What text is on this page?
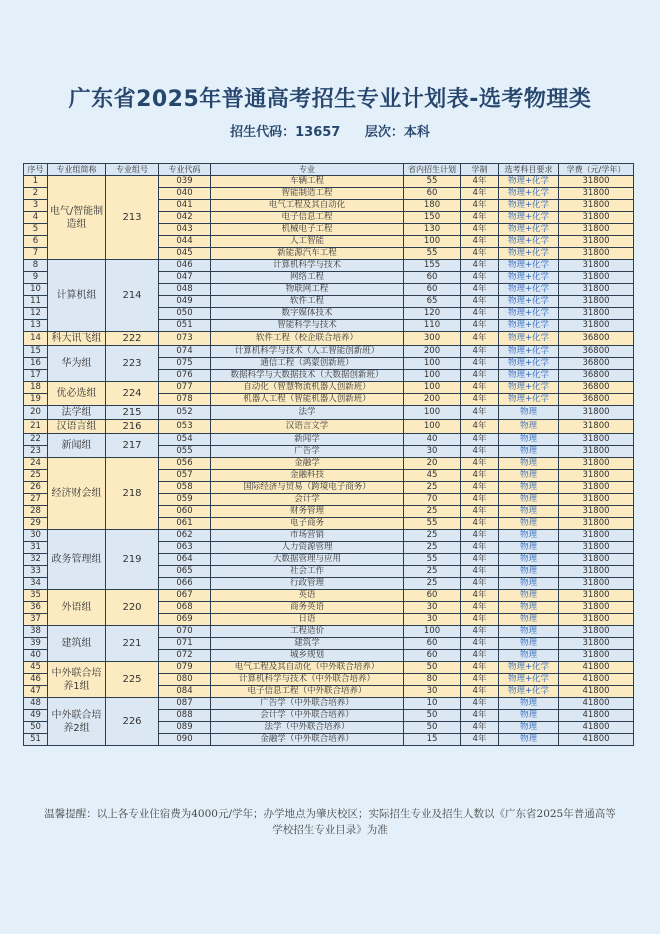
广东省2025年普通高考招生专业计划表-选考物理类
招生代码：13657 层次：本科
序号	专业组简称	专业组号	专业代码	专业	省内招生计划	学制	选考科目要求	学费（元/学年）
1	电气/智能制造组	213	039	车辆工程	55	4年	物理+化学	31800
2			040	智能制造工程	60	4年	物理+化学	31800
3			041	电气工程及其自动化	180	4年	物理+化学	31800
4			042	电子信息工程	150	4年	物理+化学	31800
5			043	机械电子工程	130	4年	物理+化学	31800
6			044	人工智能	100	4年	物理+化学	31800
7			045	新能源汽车工程	55	4年	物理+化学	31800
8	计算机组	214	046	计算机科学与技术	155	4年	物理+化学	31800
9			047	网络工程	60	4年	物理+化学	31800
10			048	物联网工程	60	4年	物理+化学	31800
11			049	软件工程	65	4年	物理+化学	31800
12			050	数字媒体技术	120	4年	物理+化学	31800
13			051	智能科学与技术	110	4年	物理+化学	31800
14	科大讯飞组	222	073	软件工程（校企联合培养）	300	4年	物理+化学	36800
15	华为组	223	074	计算机科学与技术（人工智能创新班）	200	4年	物理+化学	36800
16			075	通信工程（鸿蒙创新班）	100	4年	物理+化学	36800
17			076	数据科学与大数据技术（大数据创新班）	100	4年	物理+化学	36800
18	优必选组	224	077	自动化（智慧物流机器人创新班）	100	4年	物理+化学	36800
19			078	机器人工程（智能机器人创新班）	200	4年	物理+化学	36800
20	法学组	215	052	法学	100	4年	物理	31800
21	汉语言组	216	053	汉语言文学	100	4年	物理	31800
22	新闻组	217	054	新闻学	40	4年	物理	31800
23			055	广告学	30	4年	物理	31800
24	经济财会组	218	056	金融学	20	4年	物理	31800
25			057	金融科技	45	4年	物理	31800
26			058	国际经济与贸易（跨境电子商务）	25	4年	物理	31800
27			059	会计学	70	4年	物理	31800
28			060	财务管理	25	4年	物理	31800
29			061	电子商务	55	4年	物理	31800
30	政务管理组	219	062	市场营销	25	4年	物理	31800
31			063	人力资源管理	25	4年	物理	31800
32			064	大数据管理与应用	55	4年	物理	31800
33			065	社会工作	25	4年	物理	31800
34			066	行政管理	25	4年	物理	31800
35	外语组	220	067	英语	60	4年	物理	31800
36			068	商务英语	30	4年	物理	31800
37			069	日语	30	4年	物理	31800
38	建筑组	221	070	工程造价	100	4年	物理	31800
39			071	建筑学	60	4年	物理	31800
40			072	城乡规划	60	4年	物理	31800
45	中外联合培养1组	225	079	电气工程及其自动化（中外联合培养）	50	4年	物理+化学	41800
46			080	计算机科学与技术（中外联合培养）	80	4年	物理+化学	41800
47			084	电子信息工程（中外联合培养）	30	4年	物理+化学	41800
48	中外联合培养2组	226	087	广告学（中外联合培养）	10	4年	物理	41800
49			088	会计学（中外联合培养）	50	4年	物理	41800
50			089	法学（中外联合培养）	50	4年	物理	41800
51			090	金融学（中外联合培养）	15	4年	物理	41800
温馨提醒：以上各专业住宿费为4000元/学年；办学地点为肇庆校区；实际招生专业及招生人数以《广东省2025年普通高等学校招生专业目录》为准
